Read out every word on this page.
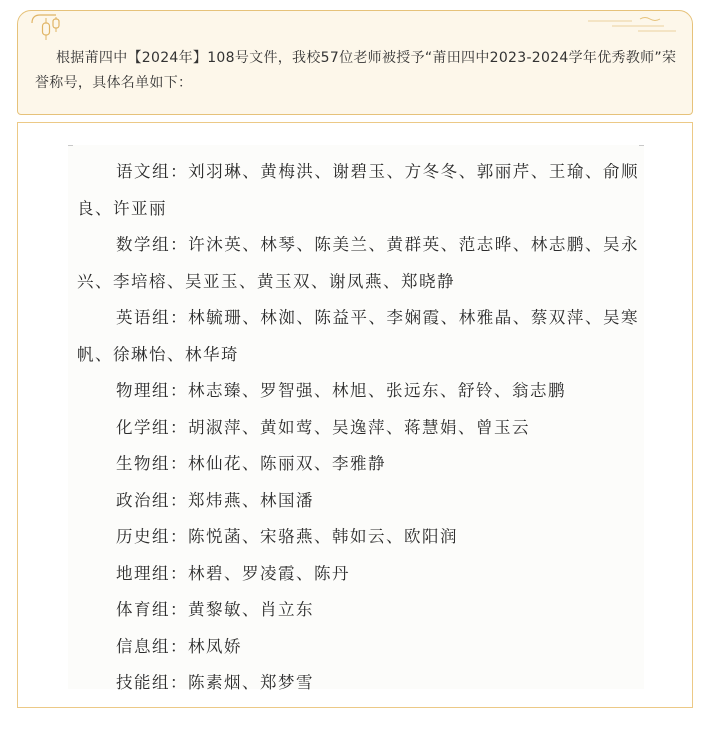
根据莆四中【2024年】108号文件，我校57位老师被授予“莆田四中2023-2024学年优秀教师”荣誉称号，具体名单如下：

语文组：刘羽琳、黄梅洪、谢碧玉、方冬冬、郭丽芹、王瑜、俞顺良、许亚丽
数学组：许沐英、林琴、陈美兰、黄群英、范志晔、林志鹏、吴永兴、李培榕、吴亚玉、黄玉双、谢凤燕、郑晓静
英语组：林毓珊、林洳、陈益平、李娴霞、林雅晶、蔡双萍、吴寒帆、徐琳怡、林华琦
物理组：林志臻、罗智强、林旭、张远东、舒铃、翁志鹏
化学组：胡淑萍、黄如莺、吴逸萍、蒋慧娟、曾玉云
生物组：林仙花、陈丽双、李雅静
政治组：郑炜燕、林国潘
历史组：陈悦菡、宋骆燕、韩如云、欧阳润
地理组：林碧、罗凌霞、陈丹
体育组：黄黎敏、肖立东
信息组：林凤娇
技能组：陈素烟、郑梦雪
